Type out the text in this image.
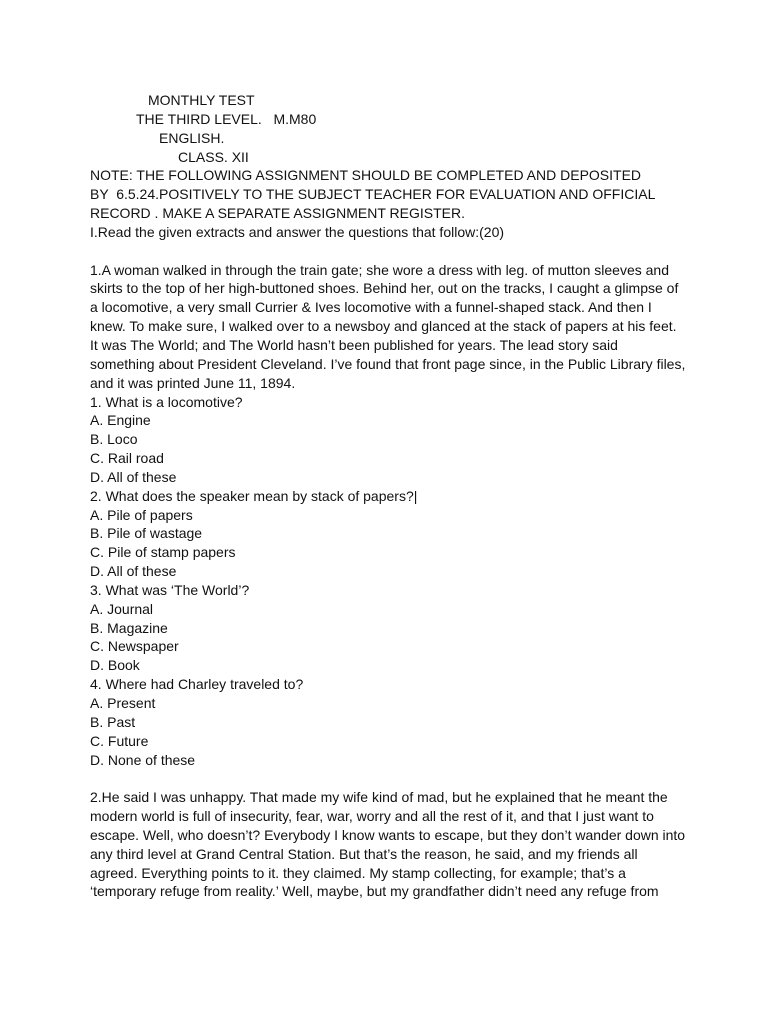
MONTHLY TEST
THE THIRD LEVEL.   M.M80
ENGLISH.
CLASS. XII
NOTE: THE FOLLOWING ASSIGNMENT SHOULD BE COMPLETED AND DEPOSITED
BY  6.5.24.POSITIVELY TO THE SUBJECT TEACHER FOR EVALUATION AND OFFICIAL
RECORD . MAKE A SEPARATE ASSIGNMENT REGISTER.
I.Read the given extracts and answer the questions that follow:(20)
1.A woman walked in through the train gate; she wore a dress with leg. of mutton sleeves and
skirts to the top of her high-buttoned shoes. Behind her, out on the tracks, I caught a glimpse of
a locomotive, a very small Currier & Ives locomotive with a funnel-shaped stack. And then I
knew. To make sure, I walked over to a newsboy and glanced at the stack of papers at his feet.
It was The World; and The World hasn’t been published for years. The lead story said
something about President Cleveland. I’ve found that front page since, in the Public Library files,
and it was printed June 11, 1894.
1. What is a locomotive?
A. Engine
B. Loco
C. Rail road
D. All of these
2. What does the speaker mean by stack of papers?|
A. Pile of papers
B. Pile of wastage
C. Pile of stamp papers
D. All of these
3. What was ‘The World’?
A. Journal
B. Magazine
C. Newspaper
D. Book
4. Where had Charley traveled to?
A. Present
B. Past
C. Future
D. None of these
2.He said I was unhappy. That made my wife kind of mad, but he explained that he meant the
modern world is full of insecurity, fear, war, worry and all the rest of it, and that I just want to
escape. Well, who doesn’t? Everybody I know wants to escape, but they don’t wander down into
any third level at Grand Central Station. But that’s the reason, he said, and my friends all
agreed. Everything points to it. they claimed. My stamp collecting, for example; that’s a
‘temporary refuge from reality.’ Well, maybe, but my grandfather didn’t need any refuge from
